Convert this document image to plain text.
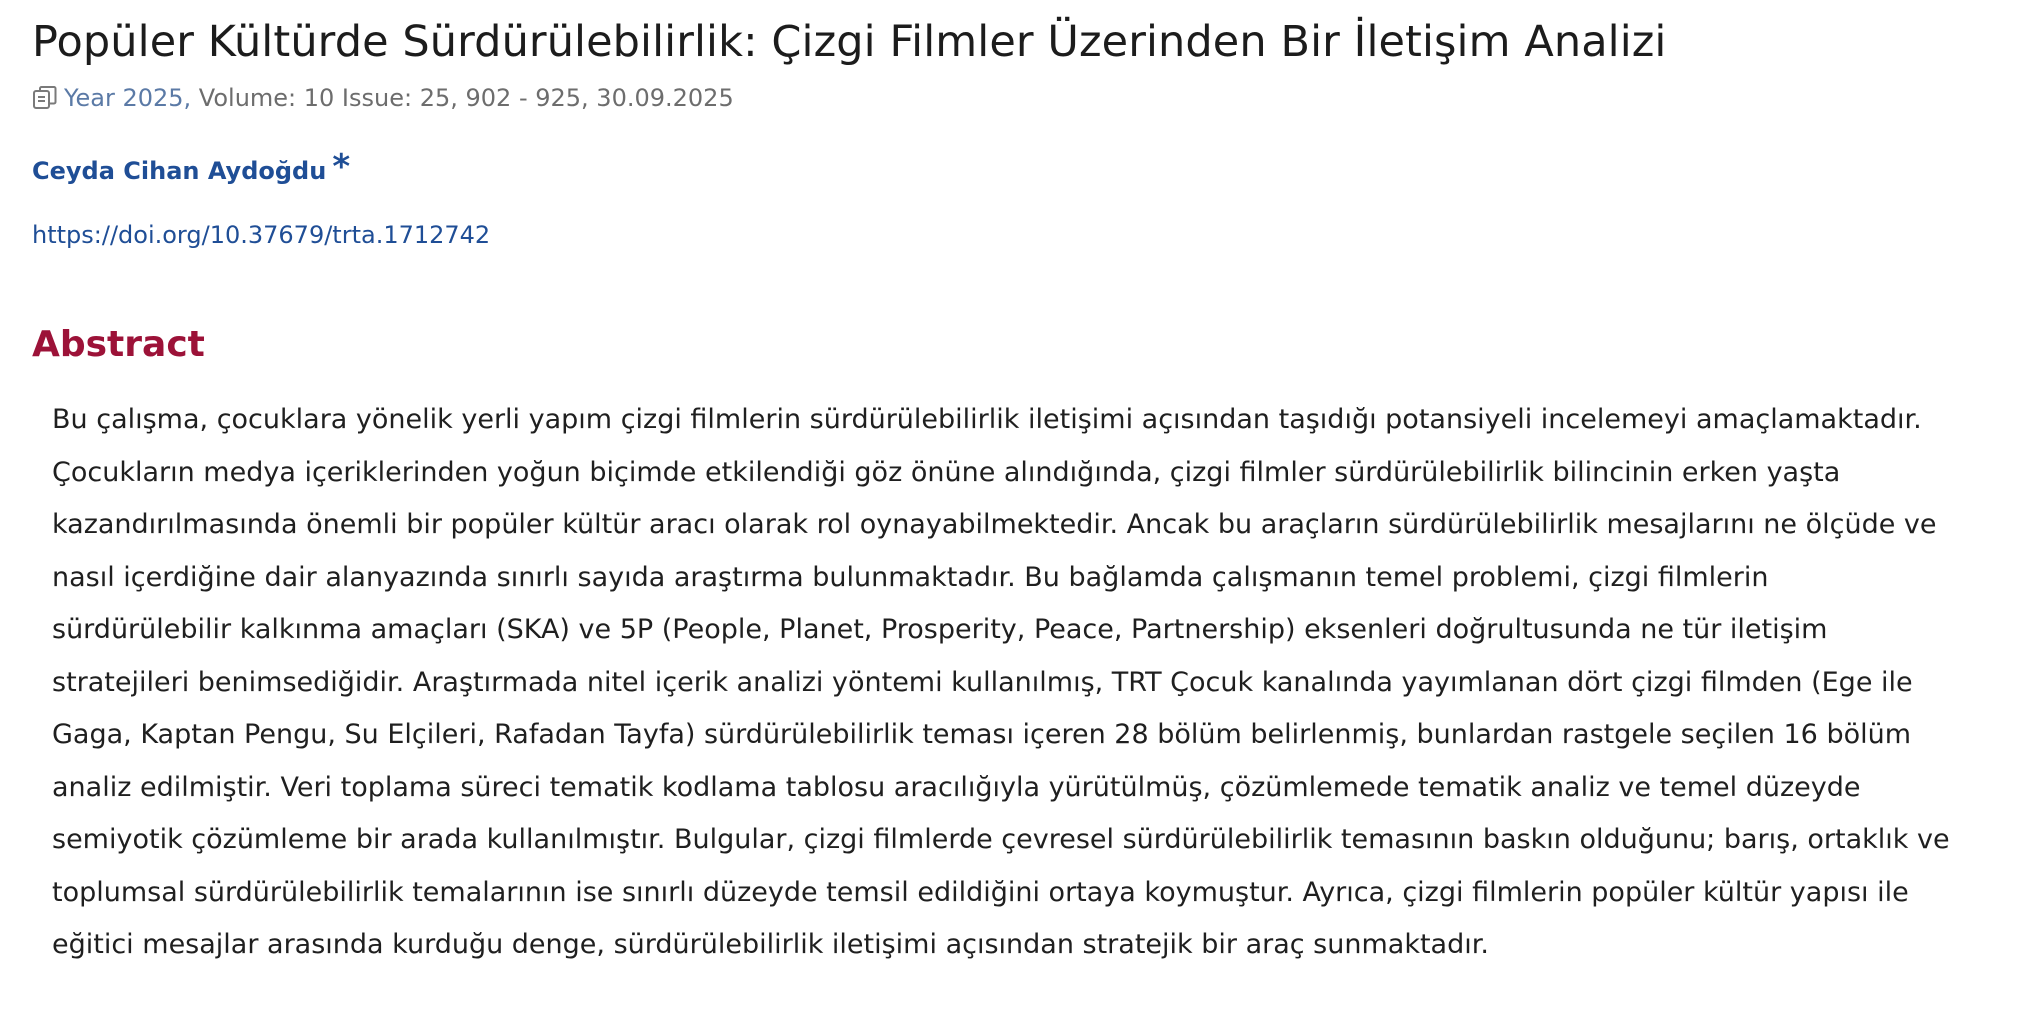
Popüler Kültürde Sürdürülebilirlik: Çizgi Filmler Üzerinden Bir İletişim Analizi
Year 2025, Volume: 10 Issue: 25, 902 - 925, 30.09.2025
Ceyda Cihan Aydoğdu *
https://doi.org/10.37679/trta.1712742
Abstract
Bu çalışma, çocuklara yönelik yerli yapım çizgi filmlerin sürdürülebilirlik iletişimi açısından taşıdığı potansiyeli incelemeyi amaçlamaktadır.
Çocukların medya içeriklerinden yoğun biçimde etkilendiği göz önüne alındığında, çizgi filmler sürdürülebilirlik bilincinin erken yaşta
kazandırılmasında önemli bir popüler kültür aracı olarak rol oynayabilmektedir. Ancak bu araçların sürdürülebilirlik mesajlarını ne ölçüde ve
nasıl içerdiğine dair alanyazında sınırlı sayıda araştırma bulunmaktadır. Bu bağlamda çalışmanın temel problemi, çizgi filmlerin
sürdürülebilir kalkınma amaçları (SKA) ve 5P (People, Planet, Prosperity, Peace, Partnership) eksenleri doğrultusunda ne tür iletişim
stratejileri benimsediğidir. Araştırmada nitel içerik analizi yöntemi kullanılmış, TRT Çocuk kanalında yayımlanan dört çizgi filmden (Ege ile
Gaga, Kaptan Pengu, Su Elçileri, Rafadan Tayfa) sürdürülebilirlik teması içeren 28 bölüm belirlenmiş, bunlardan rastgele seçilen 16 bölüm
analiz edilmiştir. Veri toplama süreci tematik kodlama tablosu aracılığıyla yürütülmüş, çözümlemede tematik analiz ve temel düzeyde
semiyotik çözümleme bir arada kullanılmıştır. Bulgular, çizgi filmlerde çevresel sürdürülebilirlik temasının baskın olduğunu; barış, ortaklık ve
toplumsal sürdürülebilirlik temalarının ise sınırlı düzeyde temsil edildiğini ortaya koymuştur. Ayrıca, çizgi filmlerin popüler kültür yapısı ile
eğitici mesajlar arasında kurduğu denge, sürdürülebilirlik iletişimi açısından stratejik bir araç sunmaktadır.
